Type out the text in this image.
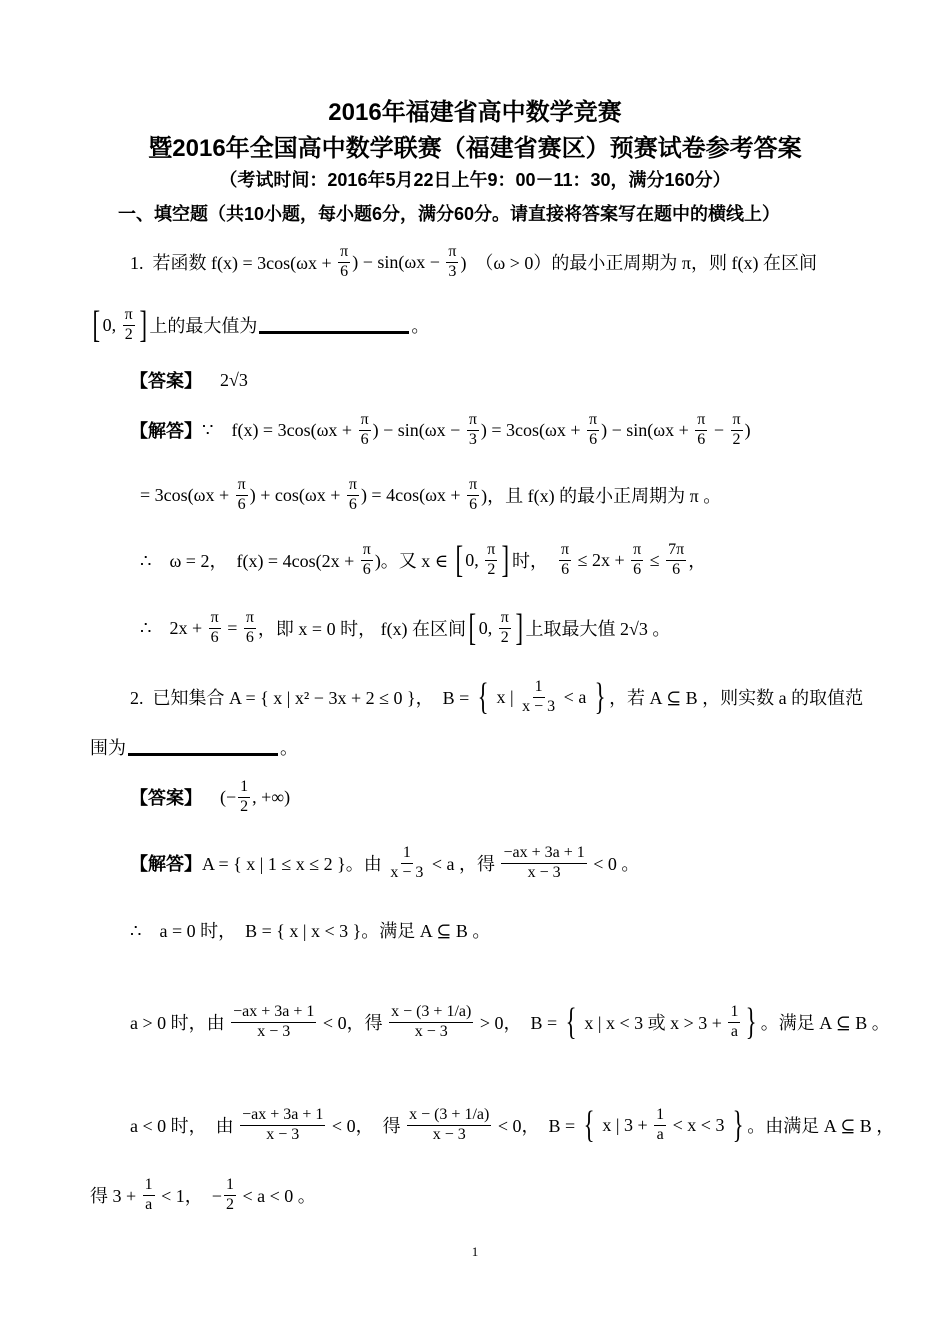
2016年福建省高中数学竞赛
暨2016年全国高中数学联赛（福建省赛区）预赛试卷参考答案
（考试时间：2016年5月22日上午9：00－11：30，满分160分）
一、填空题（共10小题，每小题6分，满分60分。请直接将答案写在题中的横线上）
1.  若函数 $f(x) = 3\cos(\omega x + \frac{\pi}{6}$ ) − $\sin(\omega x - \frac{\pi}{3}$ )  （ω > 0）的最小正周期为 π，则 f(x) 在区间
[ 0, $\frac{\pi}{2}$ ] 上的最大值为	。
【答案】 2√3
【解答】 ∵    $f(x) = 3\cos(\omega x + \frac{\pi}{6}$ ) − $\sin(\omega x - \frac{\pi}{3}$ ) = $3\cos(\omega x + \frac{\pi}{6}$ ) − $\sin(\omega x + \frac{\pi}{6} - \frac{\pi}{2}$ )
= $3\cos(\omega x + \frac{\pi}{6}$ ) + $\cos(\omega x + \frac{\pi}{6}$ ) = $4\cos(\omega x + \frac{\pi}{6}$ )，且 f(x) 的最小正周期为 π 。
∴    ω = 2，  $f(x) = 4\cos(2x + \frac{\pi}{6}$ )。又 x ∈ [ 0, $\frac{\pi}{2}$ ] 时， $\frac{\pi}{6} \le 2x + \frac{\pi}{6} \le \frac{7\pi}{6}$ ，
∴    $2x + \frac{\pi}{6} = \frac{\pi}{6}$ ，即 x = 0 时， f(x) 在区间 [ 0, $\frac{\pi}{2}$ ] 上取最大值 2√3 。
2.  已知集合 A = { x | x² − 3x + 2 ≤ 0 }，  B = { x | $\frac{1}{x - 3} < a$ } ，若 A ⊆ B ，则实数 a 的取值范
围为	。
【答案】 (− $\frac{1}{2}$ , +∞)
【解答】 A = { x | 1 ≤ x ≤ 2 }。由 $\frac{1}{x - 3} < a$ ，得 $\frac{-ax + 3a + 1}{x - 3} < 0$ 。
∴    a = 0 时，  B = { x | x < 3 }。满足 A ⊆ B 。
a > 0 时，由 $\frac{-ax + 3a + 1}{x - 3} < 0$，得 $\frac{x - (3 + 1/a)}{x - 3} > 0$，  B = { x | x < 3 或 $x > 3 + \frac{1}{a}$ } 。满足 A ⊆ B 。
a < 0 时，  由 $\frac{-ax + 3a + 1}{x - 3} < 0$，  得 $\frac{x - (3 + 1/a)}{x - 3} < 0$，  B = { x | $3 + \frac{1}{a} < x < 3$ } 。由满足 A ⊆ B ，
得 $3 + \frac{1}{a} < 1$，  − $\frac{1}{2} < a < 0$ 。
1
